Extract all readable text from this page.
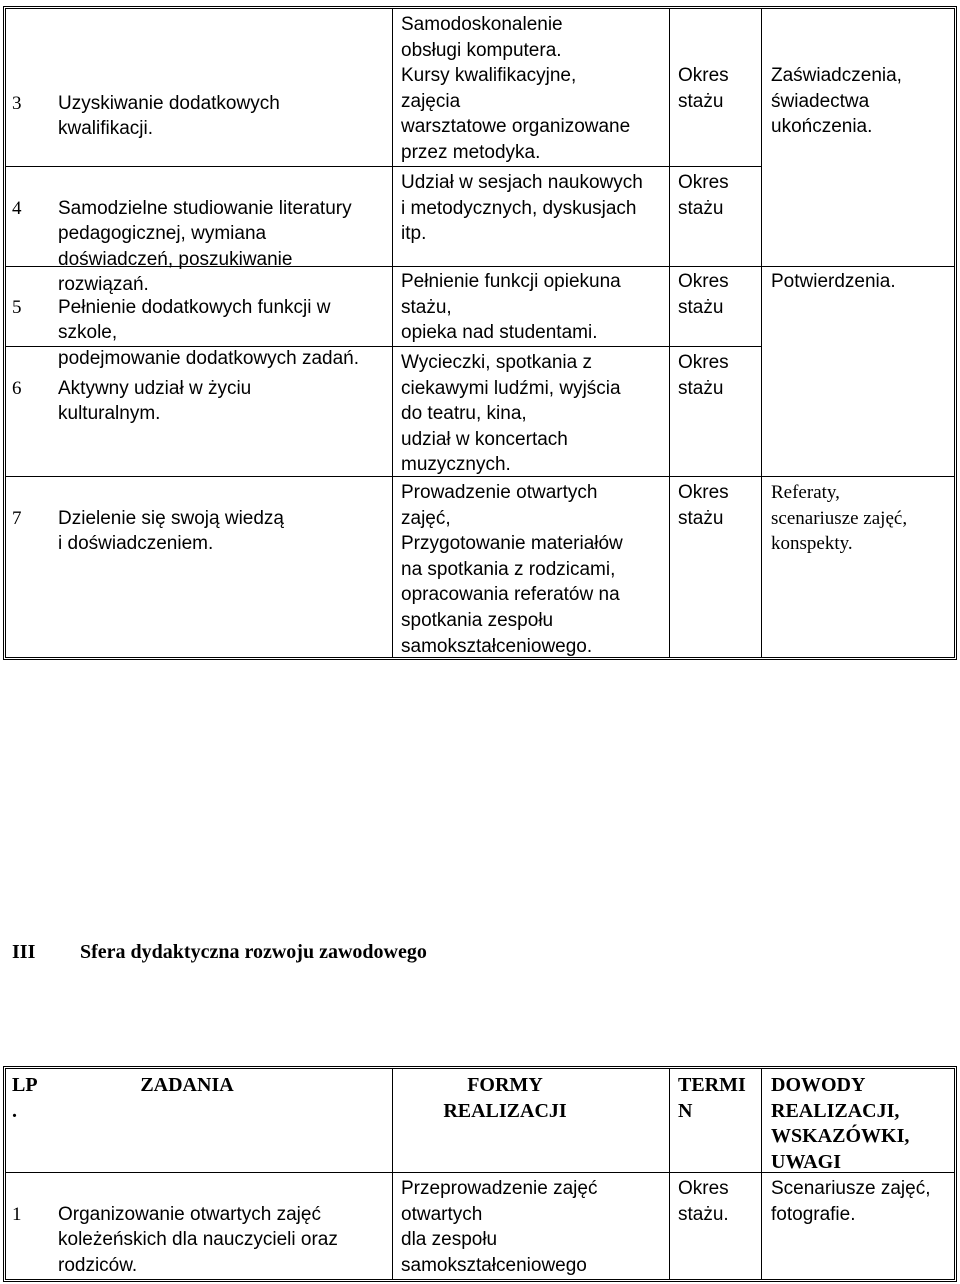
3 Uzyskiwanie dodatkowych
kwalifikacji.

Samodoskonalenie
obsługi komputera.
Kursy kwalifikacyjne,
zajęcia
warsztatowe organizowane
przez metodyka.

Okres
stażu

Zaświadczenia,
świadectwa
ukończenia.

4 Samodzielne studiowanie literatury
pedagogicznej, wymiana
doświadczeń, poszukiwanie
rozwiązań.

Udział w sesjach naukowych
i metodycznych, dyskusjach
itp.
Okres
stażu

5 Pełnienie dodatkowych funkcji w
szkole,
podejmowanie dodatkowych zadań.

Pełnienie funkcji opiekuna
stażu,
opieka nad studentami.
Okres
stażu
Potwierdzenia.

6 Aktywny udział w życiu
kulturalnym.

Wycieczki, spotkania z
ciekawymi ludźmi, wyjścia
do teatru, kina,
udział w koncertach
muzycznych.
Okres
stażu

7 Dzielenie się swoją wiedzą
i doświadczeniem.

Prowadzenie otwartych
zajęć,
Przygotowanie materiałów
na spotkania z rodzicami,
opracowania referatów na
spotkania zespołu
samokształceniowego.
Okres
stażu
Referaty,
scenariusze zajęć,
konspekty.
III Sfera dydaktyczna rozwoju zawodowego
LP
.
ZADANIA	FORMY
REALIZACJI
TERMI
N
DOWODY
REALIZACJI,
WSKAZÓWKI,
UWAGI

1 Organizowanie otwartych zajęć
koleżeńskich dla nauczycieli oraz
rodziców.

Przeprowadzenie zajęć
otwartych
dla zespołu
samokształceniowego
Okres
stażu.
Scenariusze zajęć,
fotografie.
